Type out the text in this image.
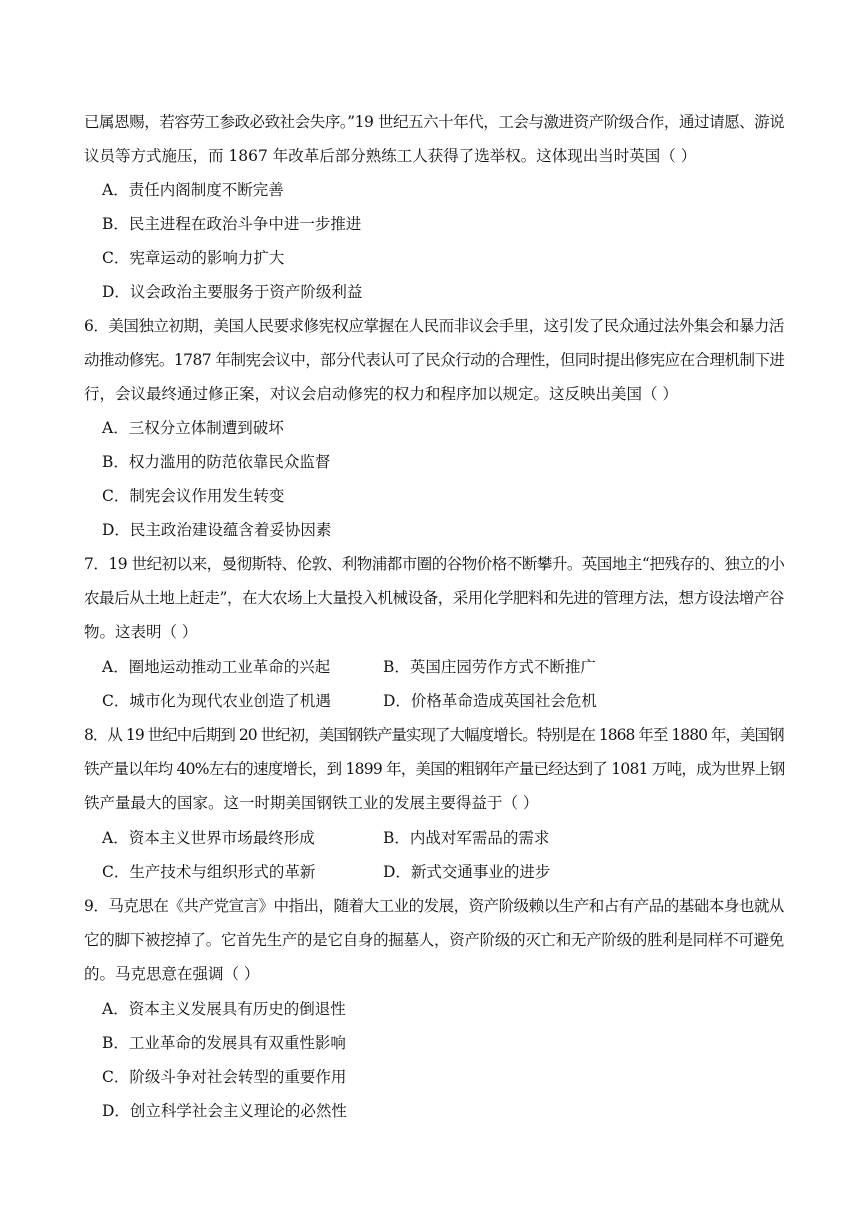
已属恩赐，若容劳工参政必致社会失序。”19 世纪五六十年代，工会与激进资产阶级合作，通过请愿、游说
议员等方式施压，而 1867 年改革后部分熟练工人获得了选举权。这体现出当时英国（ ）
A．责任内阁制度不断完善
B．民主进程在政治斗争中进一步推进
C．宪章运动的影响力扩大
D．议会政治主要服务于资产阶级利益
6．美国独立初期，美国人民要求修宪权应掌握在人民而非议会手里，这引发了民众通过法外集会和暴力活
动推动修宪。1787 年制宪会议中，部分代表认可了民众行动的合理性，但同时提出修宪应在合理机制下进
行，会议最终通过修正案，对议会启动修宪的权力和程序加以规定。这反映出美国（ ）
A．三权分立体制遭到破坏
B．权力滥用的防范依靠民众监督
C．制宪会议作用发生转变
D．民主政治建设蕴含着妥协因素
7．19 世纪初以来，曼彻斯特、伦敦、利物浦都市圈的谷物价格不断攀升。英国地主“把残存的、独立的小
农最后从土地上赶走”，在大农场上大量投入机械设备，采用化学肥料和先进的管理方法，想方设法增产谷
物。这表明（ ）
A．圈地运动推动工业革命的兴起	B．英国庄园劳作方式不断推广
C．城市化为现代农业创造了机遇	D．价格革命造成英国社会危机
8．从 19 世纪中后期到 20 世纪初，美国钢铁产量实现了大幅度增长。特别是在 1868 年至 1880 年，美国钢
铁产量以年均 40%左右的速度增长，到 1899 年，美国的粗钢年产量已经达到了 1081 万吨，成为世界上钢
铁产量最大的国家。这一时期美国钢铁工业的发展主要得益于（ ）
A．资本主义世界市场最终形成	B．内战对军需品的需求
C．生产技术与组织形式的革新	D．新式交通事业的进步
9．马克思在《共产党宣言》中指出，随着大工业的发展，资产阶级赖以生产和占有产品的基础本身也就从
它的脚下被挖掉了。它首先生产的是它自身的掘墓人，资产阶级的灭亡和无产阶级的胜利是同样不可避免
的。马克思意在强调（ ）
A．资本主义发展具有历史的倒退性
B．工业革命的发展具有双重性影响
C．阶级斗争对社会转型的重要作用
D．创立科学社会主义理论的必然性
